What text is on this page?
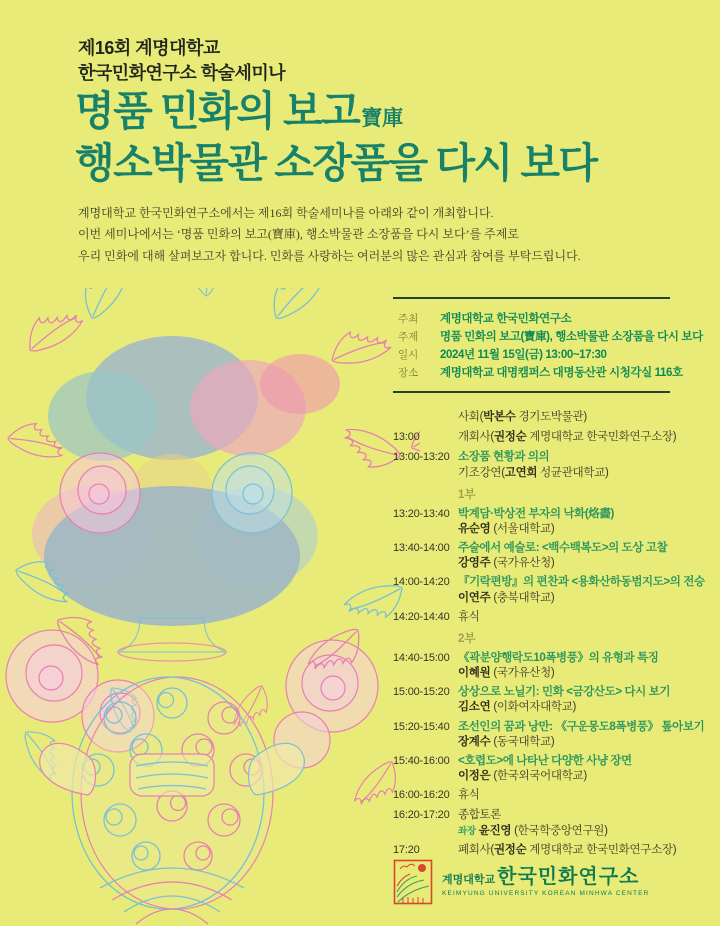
제16회 계명대학교
한국민화연구소 학술세미나
명품 민화의 보고寶庫
행소박물관 소장품을 다시 보다
계명대학교 한국민화연구소에서는 제16회 학술세미나를 아래와 같이 개최합니다.
이번 세미나에서는 ‘명품 민화의 보고(寶庫), 행소박물관 소장품을 다시 보다’를 주제로
우리 민화에 대해 살펴보고자 합니다. 민화를 사랑하는 여러분의 많은 관심과 참여를 부탁드립니다.
주최	계명대학교 한국민화연구소
주제	명품 민화의 보고(寶庫), 행소박물관 소장품을 다시 보다
일시	2024년 11월 15일(금) 13:00~17:30
장소	계명대학교 대명캠퍼스 대명동산관 시청각실 116호
사회(박본수 경기도박물관)
13:00	개회사(권정순 계명대학교 한국민화연구소장)
13:00-13:20 소장품 현황과 의의
기조강연(고연희 성균관대학교)
1부
13:20-13:40 박계담·박상전 부자의 낙화(烙畵)
유순영 (서울대학교)
13:40-14:00 주술에서 예술로: <백수백복도>의 도상 고찰
강영주 (국가유산청)
14:00-14:20 『기락편방』의 편찬과 <용화산하동범지도>의 전승
이연주 (충북대학교)
14:20-14:40 휴식
2부
14:40-15:00 《곽분양행락도10폭병풍》의 유형과 특징
이혜원 (국가유산청)
15:00-15:20 상상으로 노닐기: 민화 <금강산도> 다시 보기
김소연 (이화여자대학교)
15:20-15:40 조선인의 꿈과 낭만: 《구운몽도8폭병풍》 톺아보기
장계수 (동국대학교)
15:40-16:00 <호렵도>에 나타난 다양한 사냥 장면
이정은 (한국외국어대학교)
16:00-16:20 휴식
16:20-17:20 종합토론
좌장 윤진영 (한국학중앙연구원)
17:20	폐회사(권정순 계명대학교 한국민화연구소장)
계명대학교 한국민화연구소
KEIMYUNG UNIVERSITY KOREAN MINHWA CENTER
